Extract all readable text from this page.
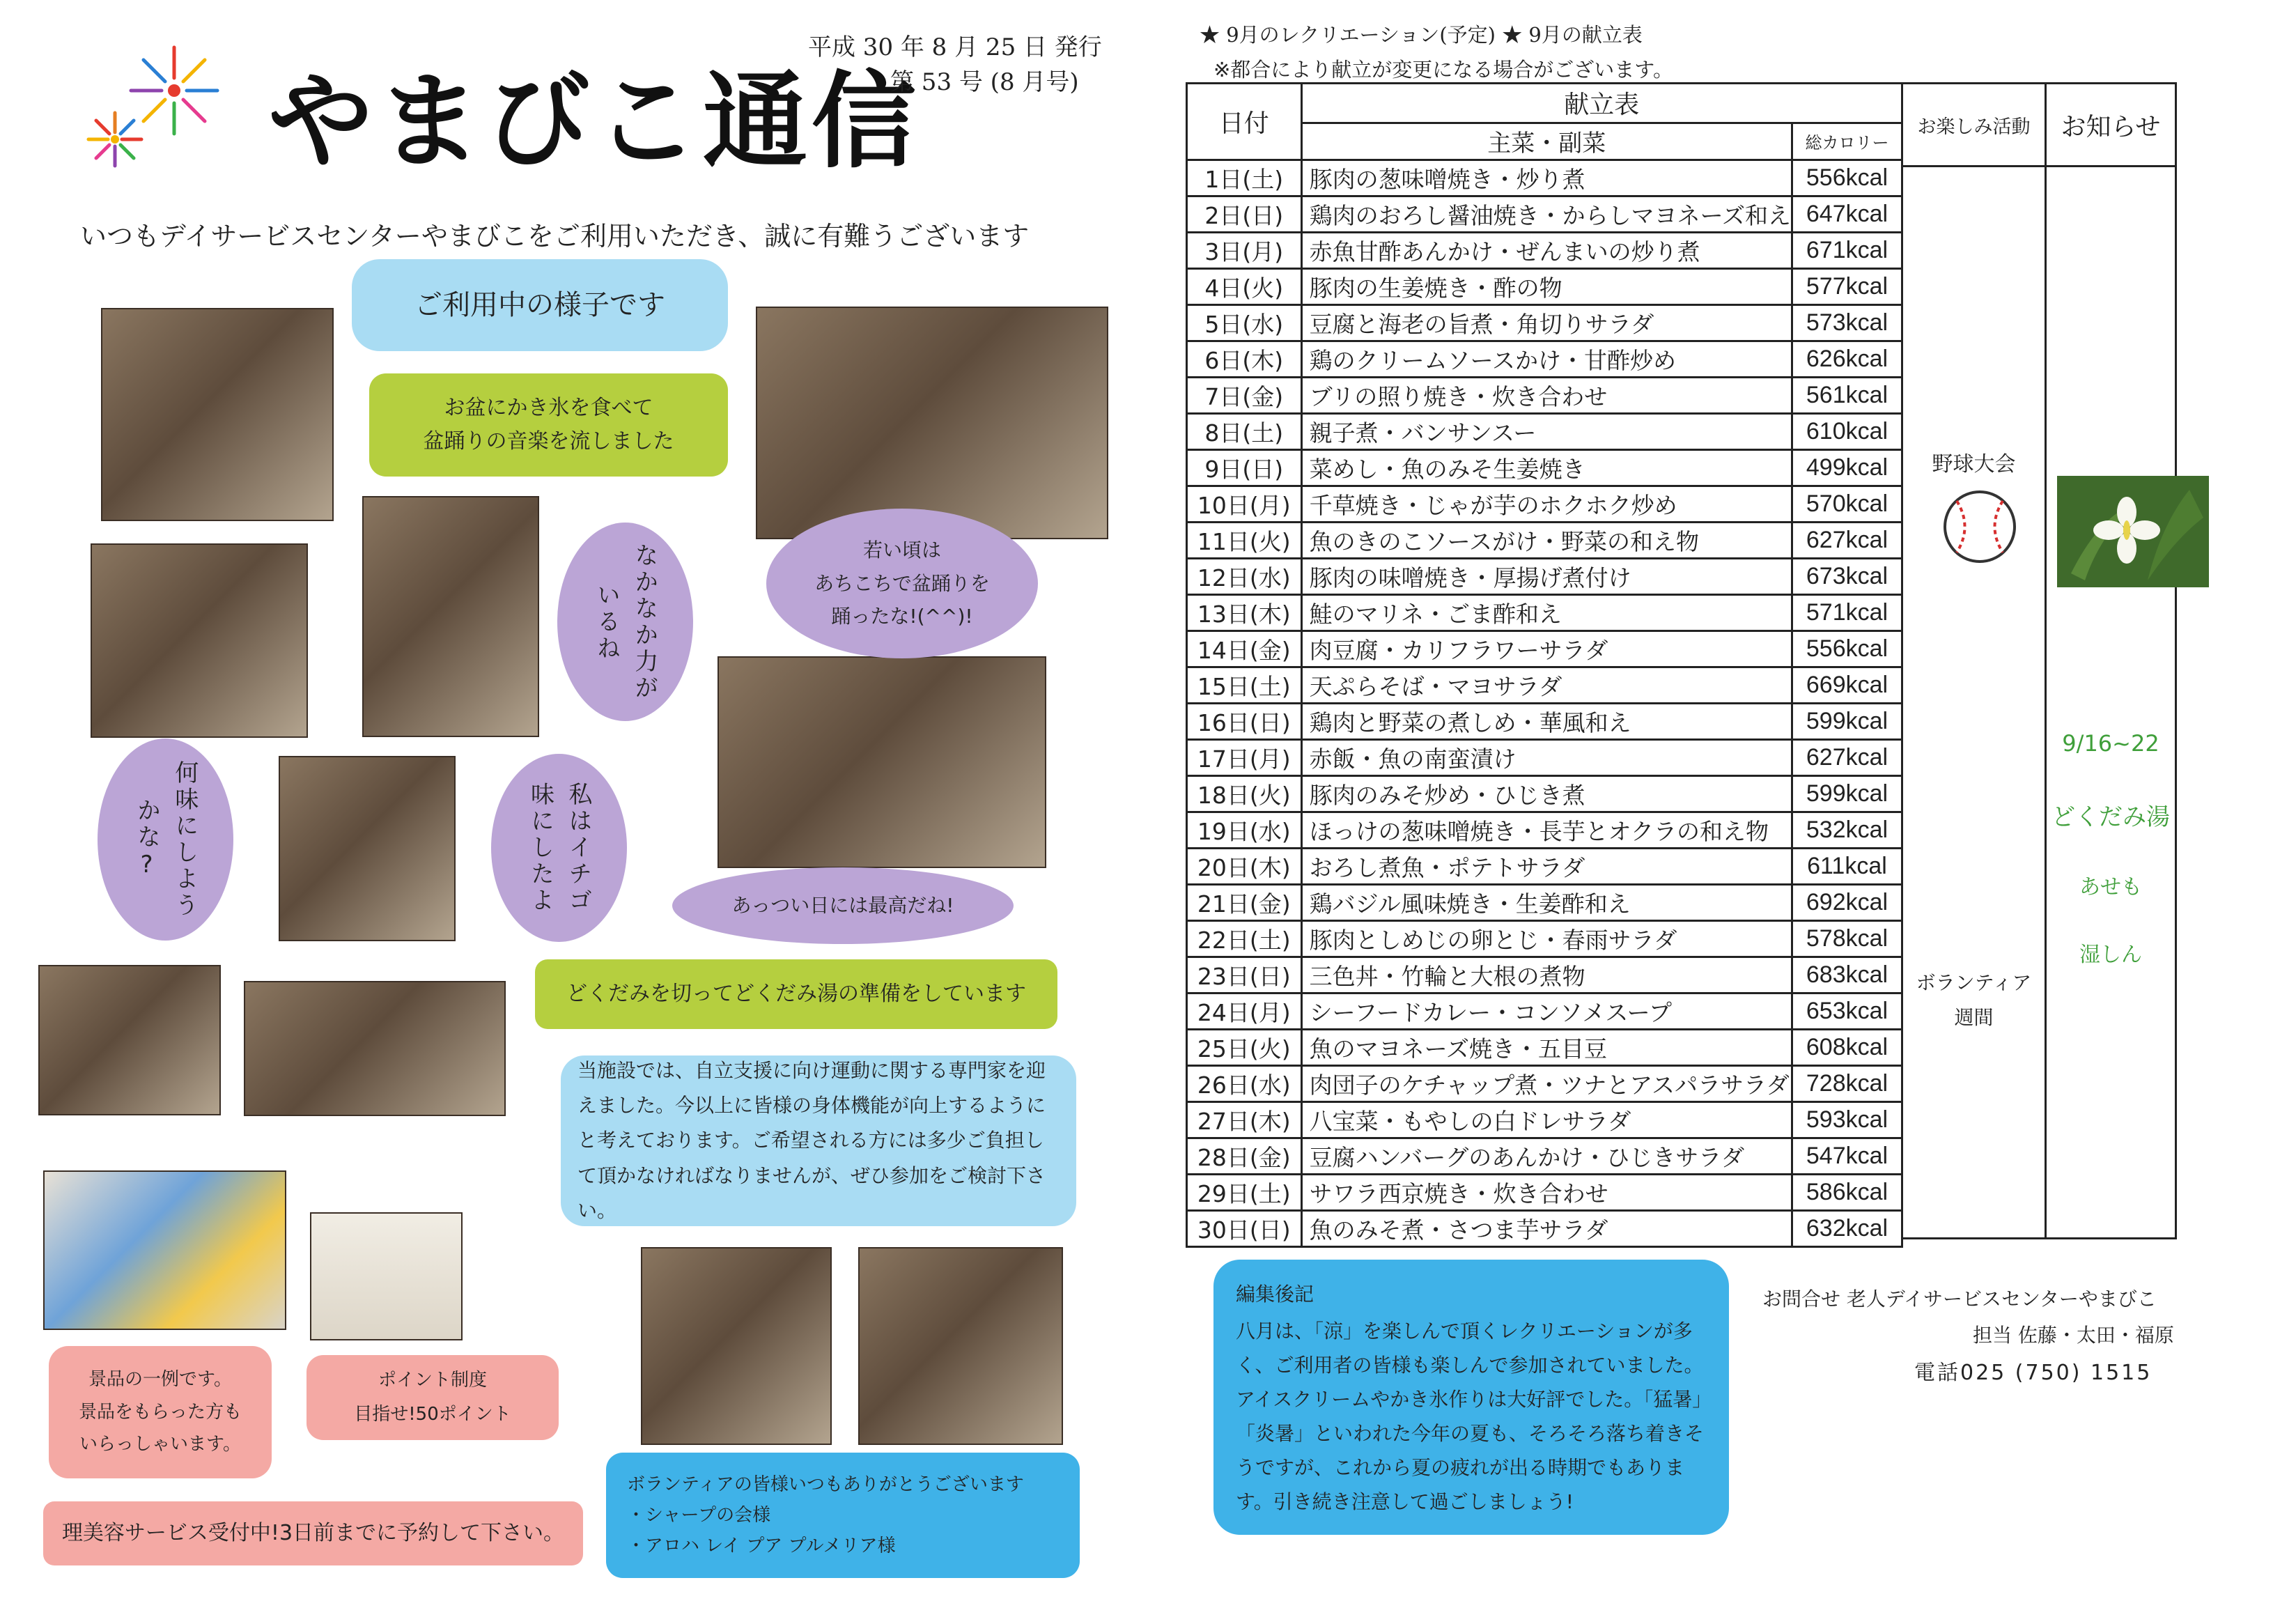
やまびこ通信
平成 30 年 8 月 25 日 発行
第 53 号 (8 月号)
いつもデイサービスセンターやまびこをご利用いただき、誠に有難うございます
ご利用中の様子です
お盆にかき氷を食べて
盆踊りの音楽を流しました
若い頃は
あちこちで盆踊りを
踊ったな!(^^)!
なかなか力がいるね
何味にしようかな?	私はイチゴ味にしたよ	あっつい日には最高だね!
どくだみを切ってどくだみ湯の準備をしています
当施設では、自立支援に向け運動に関する専門家を迎えました。今以上に皆様の身体機能が向上するようにと考えております。ご希望される方には多少ご負担して頂かなければなりませんが、ぜひ参加をご検討下さい。
景品の一例です。
景品をもらった方も
いらっしゃいます。
ポイント制度
目指せ!50ポイント
理美容サービス受付中!3日前までに予約して下さい。
ボランティアの皆様いつもありがとうございます
・シャープの会様
・アロハ レイ プア プルメリア様
★ 9月のレクリエーション(予定) ★ 9月の献立表
※都合により献立が変更になる場合がございます。
日付	献立表	
	主菜・副菜	総カロリー
1日(土)	豚肉の葱味噌焼き・炒り煮	556kcal
2日(日)	鶏肉のおろし醤油焼き・からしマヨネーズ和え	647kcal
3日(月)	赤魚甘酢あんかけ・ぜんまいの炒り煮	671kcal
4日(火)	豚肉の生姜焼き・酢の物	577kcal
5日(水)	豆腐と海老の旨煮・角切りサラダ	573kcal
6日(木)	鶏のクリームソースかけ・甘酢炒め	626kcal
7日(金)	ブリの照り焼き・炊き合わせ	561kcal
8日(土)	親子煮・バンサンスー	610kcal
9日(日)	菜めし・魚のみそ生姜焼き	499kcal
10日(月)	千草焼き・じゃが芋のホクホク炒め	570kcal
11日(火)	魚のきのこソースがけ・野菜の和え物	627kcal
12日(水)	豚肉の味噌焼き・厚揚げ煮付け	673kcal
13日(木)	鮭のマリネ・ごま酢和え	571kcal
14日(金)	肉豆腐・カリフラワーサラダ	556kcal
15日(土)	天ぷらそば・マヨサラダ	669kcal
16日(日)	鶏肉と野菜の煮しめ・華風和え	599kcal
17日(月)	赤飯・魚の南蛮漬け	627kcal
18日(火)	豚肉のみそ炒め・ひじき煮	599kcal
19日(水)	ほっけの葱味噌焼き・長芋とオクラの和え物	532kcal
20日(木)	おろし煮魚・ポテトサラダ	611kcal
21日(金)	鶏バジル風味焼き・生姜酢和え	692kcal
22日(土)	豚肉としめじの卵とじ・春雨サラダ	578kcal
23日(日)	三色丼・竹輪と大根の煮物	683kcal
24日(月)	シーフードカレー・コンソメスープ	653kcal
25日(火)	魚のマヨネーズ焼き・五目豆	608kcal
26日(水)	肉団子のケチャップ煮・ツナとアスパラサラダ	728kcal
27日(木)	八宝菜・もやしの白ドレサラダ	593kcal
28日(金)	豆腐ハンバーグのあんかけ・ひじきサラダ	547kcal
29日(土)	サワラ西京焼き・炊き合わせ	586kcal
30日(日)	魚のみそ煮・さつま芋サラダ	632kcal
お楽しみ活動
野球大会
ボランティア
週間
お知らせ
9/16~22
どくだみ湯
あせも
湿しん
編集後記
八月は、「涼」を楽しんで頂くレクリエーションが多く、ご利用者の皆様も楽しんで参加されていました。アイスクリームやかき氷作りは大好評でした。「猛暑」「炎暑」といわれた今年の夏も、そろそろ落ち着きそうですが、これから夏の疲れが出る時期でもあります。引き続き注意して過ごしましょう!
お問合せ 老人デイサービスセンターやまびこ
担当 佐藤・太田・福原
電話025 (750) 1515
